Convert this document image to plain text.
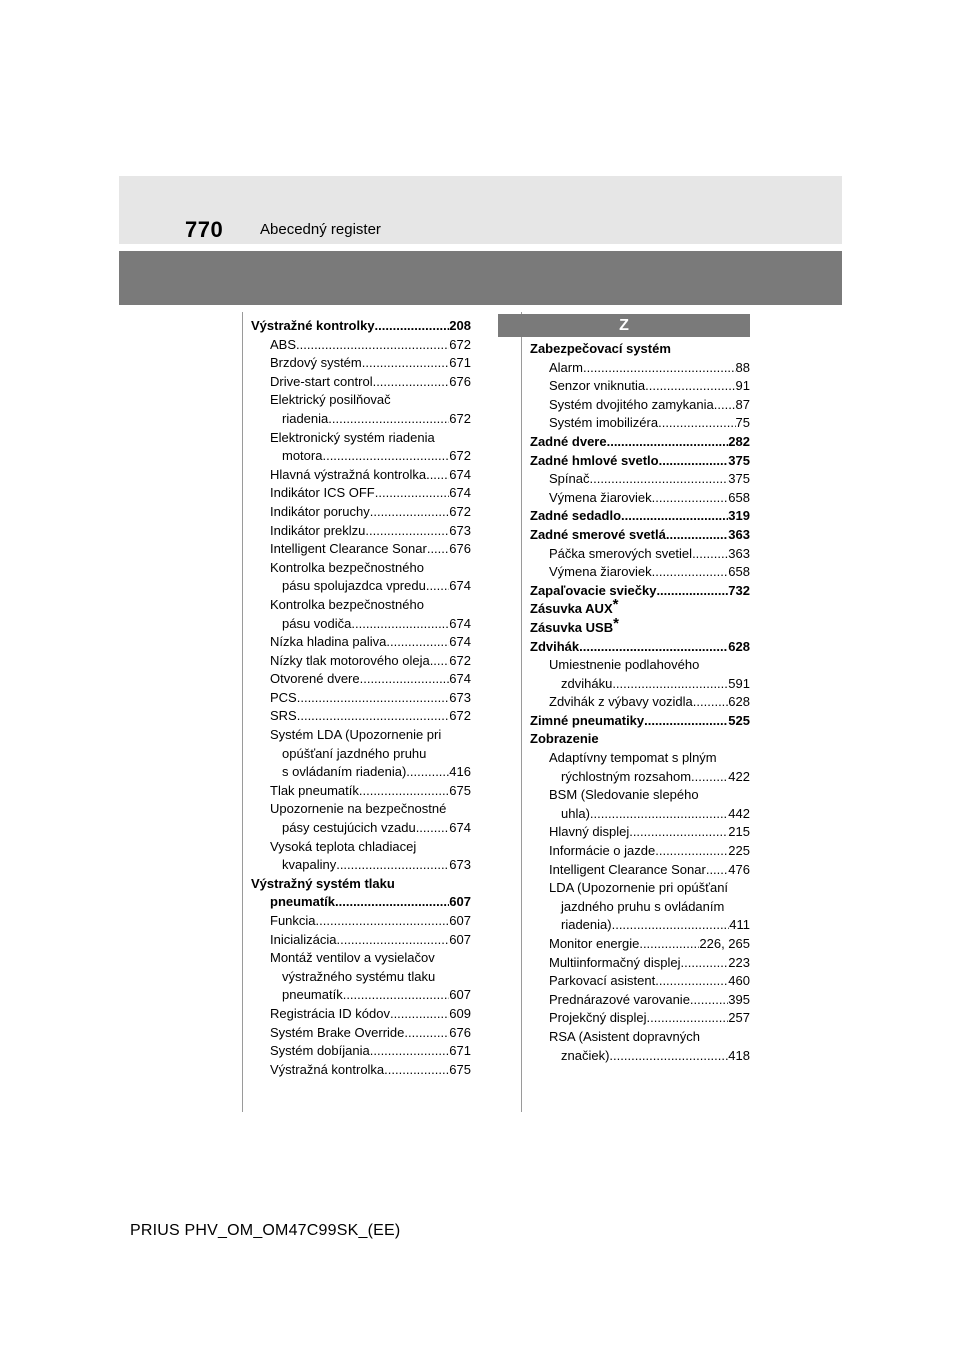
770 Abecedný register
Výstražné kontrolky .....	208
ABS .....	672
Brzdový systém .....	671
Drive-start control .....	676
Elektrický posilňovač
riadenia .....	672
Elektronický systém riadenia
motora .....	672
Hlavná výstražná kontrolka ..... 674
Indikátor ICS OFF .....	674
Indikátor poruchy .....	672
Indikátor preklzu .....	673
Intelligent Clearance Sonar ..... 676
Kontrolka bezpečnostného
pásu spolujazdca vpredu ..... 674
Kontrolka bezpečnostného
pásu vodiča .....	674
Nízka hladina paliva .....	674
Nízky tlak motorového oleja ..... 672
Otvorené dvere .....	674
PCS .....	673
SRS .....	672
Systém LDA (Upozornenie pri
opúšťaní jazdného pruhu
s ovládaním riadenia) .....	416
Tlak pneumatík .....	675
Upozornenie na bezpečnostné
pásy cestujúcich vzadu .....	674
Vysoká teplota chladiacej
kvapaliny .....	673
Výstražný systém tlaku
pneumatík .....	607
Funkcia .....	607
Inicializácia .....	607
Montáž ventilov a vysielačov
výstražného systému tlaku
pneumatík .....	607
Registrácia ID kódov .....	609
Systém Brake Override .....	676
Systém dobíjania .....	671
Výstražná kontrolka .....	675
Z
Zabezpečovací systém
Alarm .....	88
Senzor vniknutia .....	91
Systém dvojitého zamykania ..... 87
Systém imobilizéra .....	75
Zadné dvere .....	282
Zadné hmlové svetlo .....	375
Spínač .....	375
Výmena žiaroviek .....	658
Zadné sedadlo .....	319
Zadné smerové svetlá .....	363
Páčka smerových svetiel .....	363
Výmena žiaroviek .....	658
Zapaľovacie sviečky .....	732
Zásuvka AUX*
Zásuvka USB*
Zdvihák .....	628
Umiestnenie podlahového
zdviháku .....	591
Zdvihák z výbavy vozidla .....	628
Zimné pneumatiky .....	525
Zobrazenie
Adaptívny tempomat s plným
rýchlostným rozsahom .....	422
BSM (Sledovanie slepého
uhla) .....	442
Hlavný displej .....	215
Informácie o jazde .....	225
Intelligent Clearance Sonar ..... 476
LDA (Upozornenie pri opúšťaní
jazdného pruhu s ovládaním
riadenia) .....	411
Monitor energie .....	226, 265
Multiinformačný displej .....	223
Parkovací asistent .....	460
Prednárazové varovanie .....	395
Projekčný displej .....	257
RSA (Asistent dopravných
značiek) .....	418
PRIUS PHV_OM_OM47C99SK_(EE)
